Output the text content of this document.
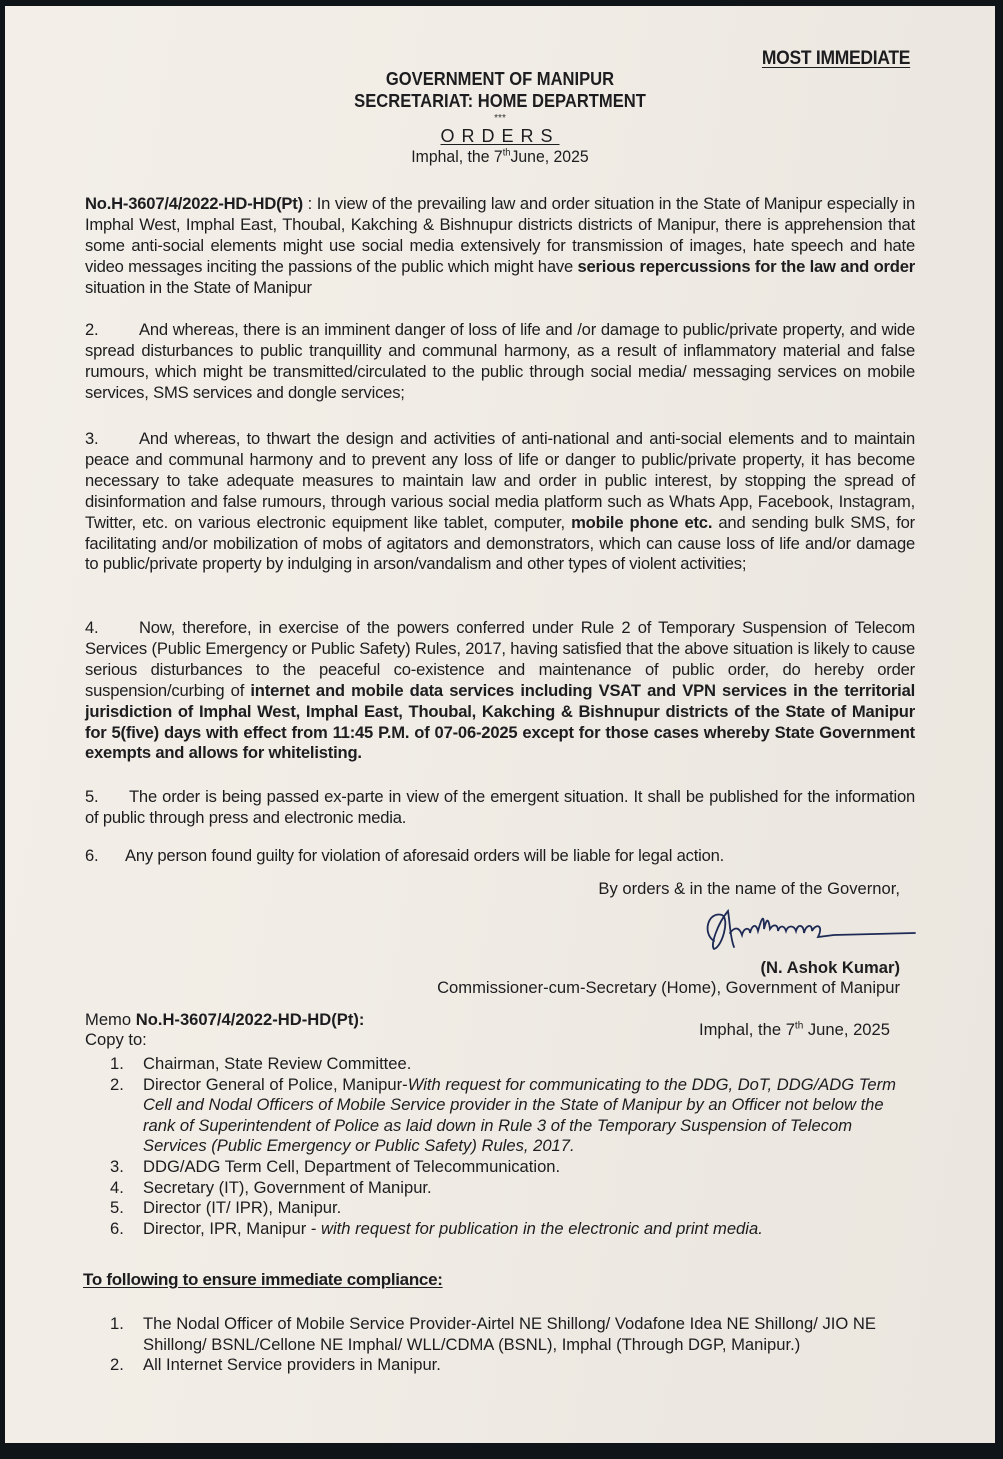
MOST IMMEDIATE
GOVERNMENT OF MANIPUR
SECRETARIAT: HOME DEPARTMENT
***
ORDERS
Imphal, the 7thJune, 2025
No.H-3607/4/2022-HD-HD(Pt) : In view of the prevailing law and order situation in the State of Manipur especially in Imphal West, Imphal East, Thoubal, Kakching & Bishnupur districts districts of Manipur, there is apprehension that some anti-social elements might use social media extensively for transmission of images, hate speech and hate video messages inciting the passions of the public which might have serious repercussions for the law and order situation in the State of Manipur
2. And whereas, there is an imminent danger of loss of life and /or damage to public/private property, and wide spread disturbances to public tranquillity and communal harmony, as a result of inflammatory material and false rumours, which might be transmitted/circulated to the public through social media/ messaging services on mobile services, SMS services and dongle services;
3. And whereas, to thwart the design and activities of anti-national and anti-social elements and to maintain peace and communal harmony and to prevent any loss of life or danger to public/private property, it has become necessary to take adequate measures to maintain law and order in public interest, by stopping the spread of disinformation and false rumours, through various social media platform such as Whats App, Facebook, Instagram, Twitter, etc. on various electronic equipment like tablet, computer, mobile phone etc. and sending bulk SMS, for facilitating and/or mobilization of mobs of agitators and demonstrators, which can cause loss of life and/or damage to public/private property by indulging in arson/vandalism and other types of violent activities;
4. Now, therefore, in exercise of the powers conferred under Rule 2 of Temporary Suspension of Telecom Services (Public Emergency or Public Safety) Rules, 2017, having satisfied that the above situation is likely to cause serious disturbances to the peaceful co-existence and maintenance of public order, do hereby order suspension/curbing of internet and mobile data services including VSAT and VPN services in the territorial jurisdiction of Imphal West, Imphal East, Thoubal, Kakching & Bishnupur districts of the State of Manipur for 5(five) days with effect from 11:45 P.M. of 07-06-2025 except for those cases whereby State Government exempts and allows for whitelisting.
5. The order is being passed ex-parte in view of the emergent situation. It shall be published for the information of public through press and electronic media.
6. Any person found guilty for violation of aforesaid orders will be liable for legal action.
By orders & in the name of the Governor,
(N. Ashok Kumar)
Commissioner-cum-Secretary (Home), Government of Manipur
Memo No.H-3607/4/2022-HD-HD(Pt):
Imphal, the 7th June, 2025
Copy to:
1.	Chairman, State Review Committee.
2.	Director General of Police, Manipur-With request for communicating to the DDG, DoT, DDG/ADG Term Cell and Nodal Officers of Mobile Service provider in the State of Manipur by an Officer not below the rank of Superintendent of Police as laid down in Rule 3 of the Temporary Suspension of Telecom Services (Public Emergency or Public Safety) Rules, 2017.
3.	DDG/ADG Term Cell, Department of Telecommunication.
4.	Secretary (IT), Government of Manipur.
5.	Director (IT/ IPR), Manipur.
6.	Director, IPR, Manipur - with request for publication in the electronic and print media.
To following to ensure immediate compliance:
1.	The Nodal Officer of Mobile Service Provider-Airtel NE Shillong/ Vodafone Idea NE Shillong/ JIO NE Shillong/ BSNL/Cellone NE Imphal/ WLL/CDMA (BSNL), Imphal (Through DGP, Manipur.)
2.	All Internet Service providers in Manipur.
